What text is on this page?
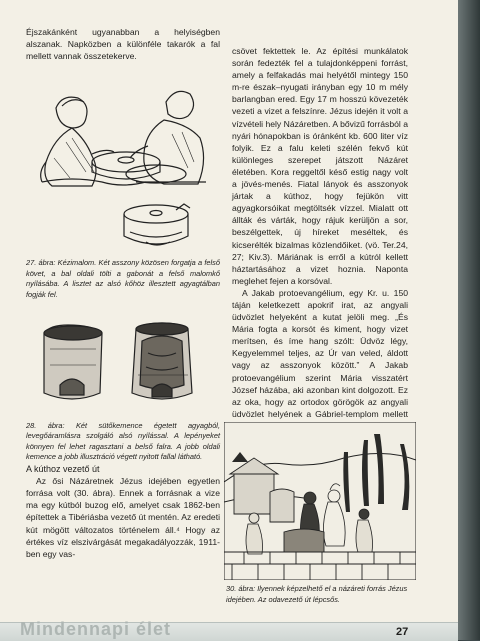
Éjszakánként ugyanabban a helyiségben alszanak. Napközben a különféle takarók a fal mellett vannak összetekerve.

27. ábra: Kézimalom. Két asszony közösen forgatja a felső követ, a bal oldali tölti a gabonát a felső malomkő nyílásába. A lisztet az alsó kőhöz illesztett agyagtálban fogják fel.

28. ábra: Két sütőkemence égetett agyagból, levegőáramlásra szolgáló alsó nyílással. A lepényeket könnyen fel lehet ragasztani a belső falra. A jobb oldali kemence a jobb illusztráció végett nyitott fallal látható.

A kúthoz vezető út

Az ősi Názáretnek Jézus idejében egyetlen forrása volt (30. ábra). Ennek a forrásnak a vize ma egy kútból buzog elő, amelyet csak 1862-ben építettek a Tibériásba vezető út mentén. Az eredeti kút mögött változatos történelem áll.⁴ Hogy az értékes víz elszivárgását megakadályozzák, 1911-ben egy vas-

csövet fektettek le. Az építési munkálatok során fedezték fel a tulajdonképpeni forrást, amely a felfakadás mai helyétől mintegy 150 m-re észak–nyugati irányban egy 10 m mély barlangban ered. Egy 17 m hosszú kövezeték vezeti a vizet a felszínre. Jézus idején it volt a vízvételi hely Názáretben. A bővizű forrásból a nyári hónapokban is óránként kb. 600 liter víz folyik. Ez a falu keleti szélén fekvő kút különleges szerepet játszott Názáret életében. Kora reggeltől késő estig nagy volt a jövés-menés. Fiatal lányok és asszonyok jártak a kúthoz, hogy fejükön vitt agyagkorsóikat megtöltsék vízzel. Mialatt ott állták és várták, hogy rájuk kerüljön a sor, beszélgettek, új híreket meséltek, és kicserélték bizalmas közlendőiket. (vö. Ter.24, 27; Kiv.3). Máriának is erről a kútról kellett háztartásához a vizet hoznia. Naponta meglehet fejen a korsóval.

A Jakab protoevangélium, egy Kr. u. 150 táján keletkezett apokrif irat, az angyali üdvözlet helyeként a kutat jelöli meg. „És Mária fogta a korsót és kiment, hogy vizet merítsen, és íme hang szólt: Üdvöz légy, Kegyelemmel teljes, az Úr van veled, áldott vagy az asszonyok között.” A Jakab protoevangélium szerint Mária visszatért József házába, aki azonban kint dolgozott. Ez az oka, hogy az ortodox görögök az angyali üdvözlet helyének a Gábriel-templom mellett

30. ábra: Ilyennek képzelhető el a názáreti forrás Jézus idejében. Az odavezető út lépcsős.

Mindennapi élet	27
